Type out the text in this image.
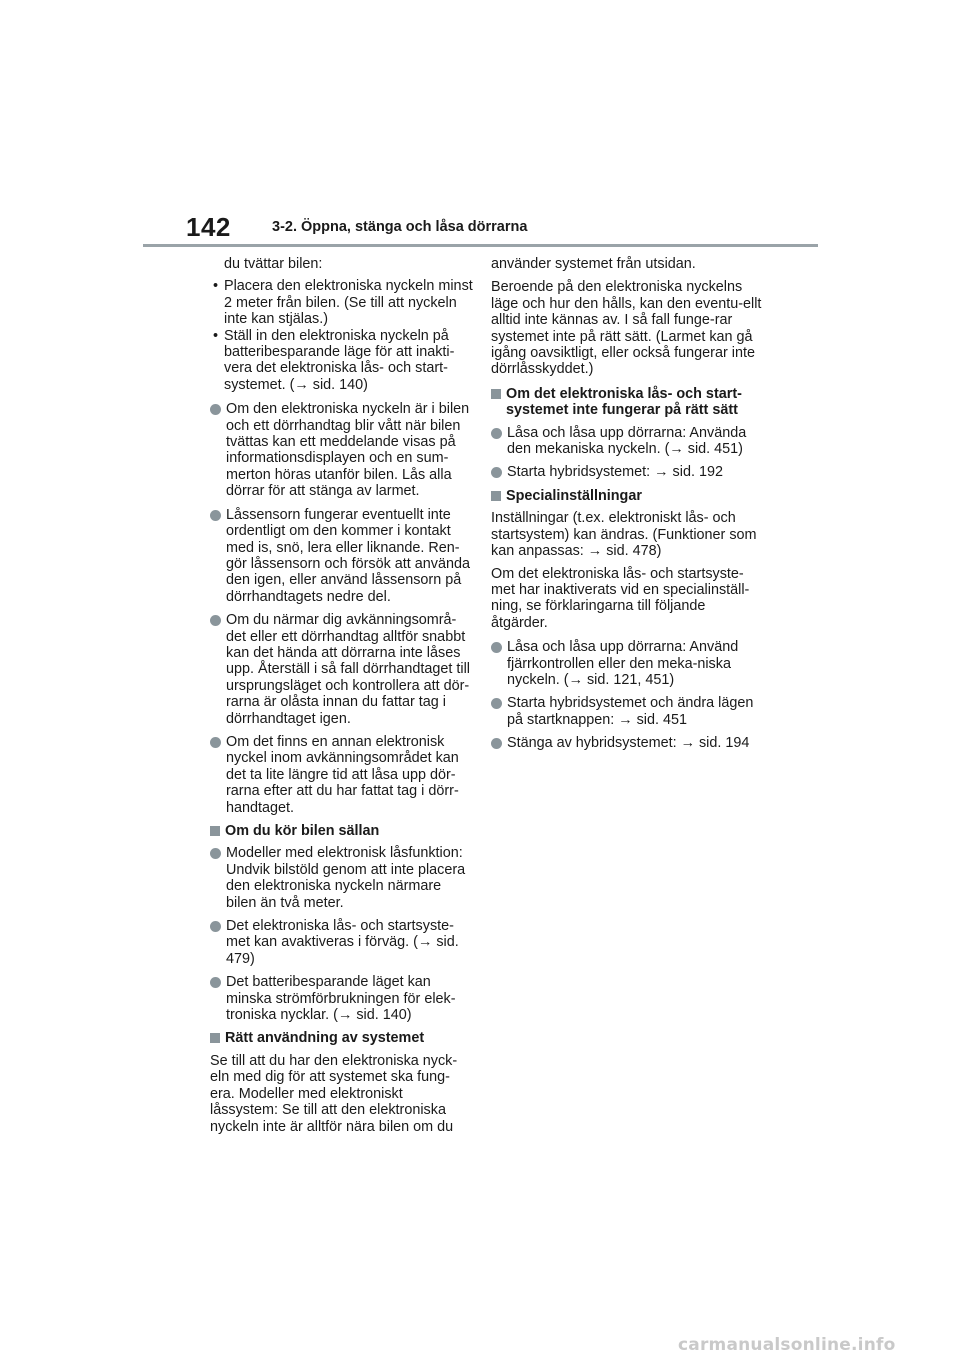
142	3-2. Öppna, stänga och låsa dörrarna

du tvättar bilen:

• Placera den elektroniska nyckeln minst 2 meter från bilen. (Se till att nyckeln inte kan stjälas.)
• Ställ in den elektroniska nyckeln på batteribesparande läge för att inakti-vera det elektroniska lås- och start-systemet. (→ sid. 140)
Om den elektroniska nyckeln är i bilen och ett dörrhandtag blir vått när bilen tvättas kan ett meddelande visas på informationsdisplayen och en sum-merton höras utanför bilen. Lås alla dörrar för att stänga av larmet.
Låssensorn fungerar eventuellt inte ordentligt om den kommer i kontakt med is, snö, lera eller liknande. Ren-gör låssensorn och försök att använda den igen, eller använd låssensorn på dörrhandtagets nedre del.
Om du närmar dig avkänningsområ-det eller ett dörrhandtag alltför snabbt kan det hända att dörrarna inte låses upp. Återställ i så fall dörrhandtaget till ursprungsläget och kontrollera att dör-rarna är olåsta innan du fattar tag i dörrhandtaget igen.
Om det finns en annan elektronisk nyckel inom avkänningsområdet kan det ta lite längre tid att låsa upp dör-rarna efter att du har fattat tag i dörr-handtaget.
Om du kör bilen sällan
Modeller med elektronisk låsfunktion: Undvik bilstöld genom att inte placera den elektroniska nyckeln närmare bilen än två meter.
Det elektroniska lås- och startsyste-met kan avaktiveras i förväg. (→ sid. 479)
Det batteribesparande läget kan minska strömförbrukningen för elek-troniska nycklar. (→ sid. 140)
Rätt användning av systemet

Se till att du har den elektroniska nyck-eln med dig för att systemet ska fung-era. Modeller med elektroniskt låssystem: Se till att den elektroniska nyckeln inte är alltför nära bilen om du

använder systemet från utsidan.

Beroende på den elektroniska nyckelns läge och hur den hålls, kan den eventu-ellt alltid inte kännas av. I så fall funge-rar systemet inte på rätt sätt. (Larmet kan gå igång oavsiktligt, eller också fungerar inte dörrlåsskyddet.)

Om det elektroniska lås- och start-systemet inte fungerar på rätt sätt
Låsa och låsa upp dörrarna: Använda den mekaniska nyckeln. (→ sid. 451)
Starta hybridsystemet: → sid. 192
Specialinställningar

Inställningar (t.ex. elektroniskt lås- och startsystem) kan ändras. (Funktioner som kan anpassas: → sid. 478)

Om det elektroniska lås- och startsyste-met har inaktiverats vid en specialinställ-ning, se förklaringarna till följande åtgärder.

Låsa och låsa upp dörrarna: Använd fjärrkontrollen eller den meka-niska nyckeln. (→ sid. 121, 451)
Starta hybridsystemet och ändra lägen på startknappen: → sid. 451
Stänga av hybridsystemet: → sid. 194
carmanualsonline.info
